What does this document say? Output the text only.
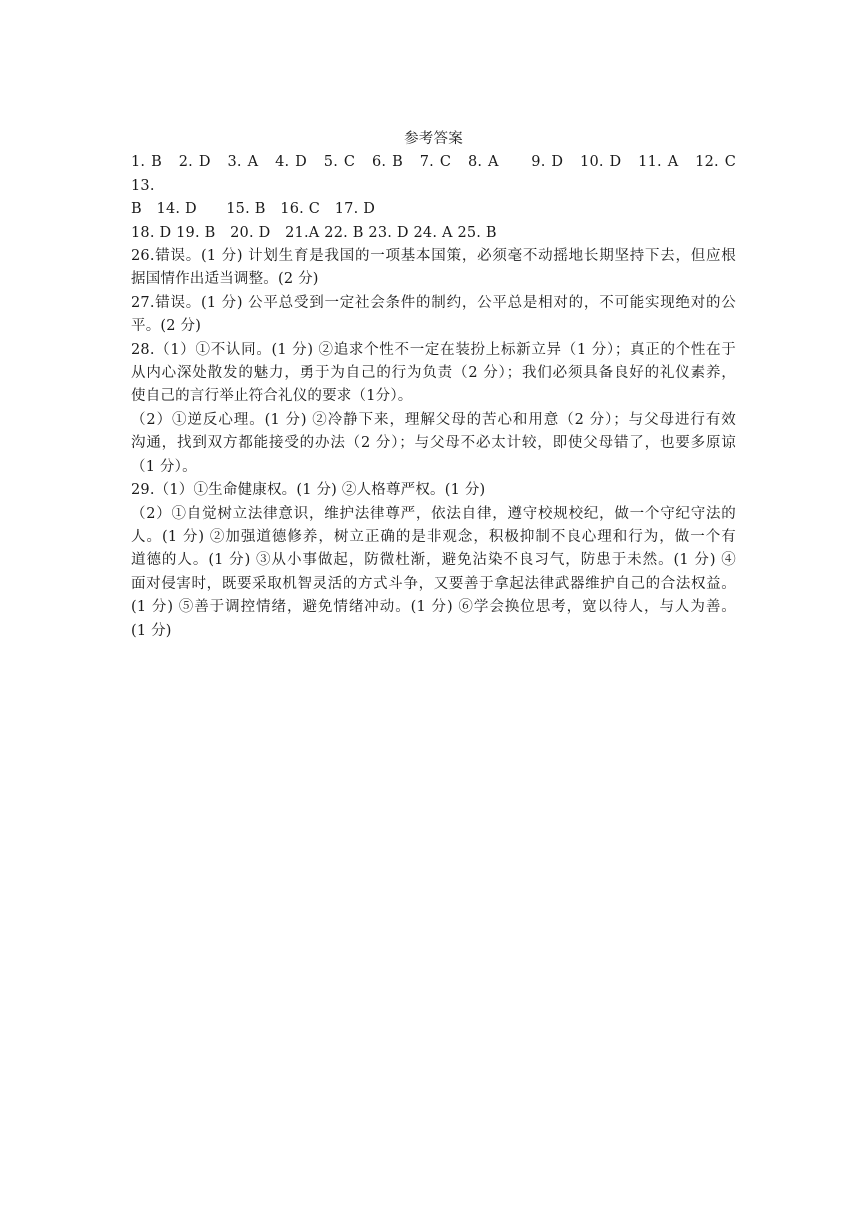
参考答案
1. B　2. D　3. A　4. D　5. C　6. B　7. C　8. A　　9. D　10. D　11. A　12. C　13.
B　14. D　　15. B　16. C　17. D
18. D 19. B　20. D　21.A 22. B 23. D 24. A 25. B
26.错误。(1 分) 计划生育是我国的一项基本国策，必须毫不动摇地长期坚持下去，但应根
据国情作出适当调整。(2 分)
27.错误。(1 分) 公平总受到一定社会条件的制约，公平总是相对的，不可能实现绝对的公
平。(2 分)
28.（1）①不认同。(1 分) ②追求个性不一定在装扮上标新立异（1 分）；真正的个性在于
从内心深处散发的魅力，勇于为自己的行为负责（2 分）；我们必须具备良好的礼仪素养，
使自己的言行举止符合礼仪的要求（1分）。
（2）①逆反心理。(1 分) ②冷静下来，理解父母的苦心和用意（2 分）；与父母进行有效
沟通，找到双方都能接受的办法（2 分）；与父母不必太计较，即使父母错了，也要多原谅
（1 分）。
29.（1）①生命健康权。(1 分) ②人格尊严权。(1 分)
（2）①自觉树立法律意识，维护法律尊严，依法自律，遵守校规校纪，做一个守纪守法的
人。(1 分) ②加强道德修养，树立正确的是非观念，积极抑制不良心理和行为，做一个有
道德的人。(1 分) ③从小事做起，防微杜渐，避免沾染不良习气，防患于未然。(1 分) ④
面对侵害时，既要采取机智灵活的方式斗争，又要善于拿起法律武器维护自己的合法权益。
(1 分) ⑤善于调控情绪，避免情绪冲动。(1 分) ⑥学会换位思考，宽以待人，与人为善。
(1 分)
